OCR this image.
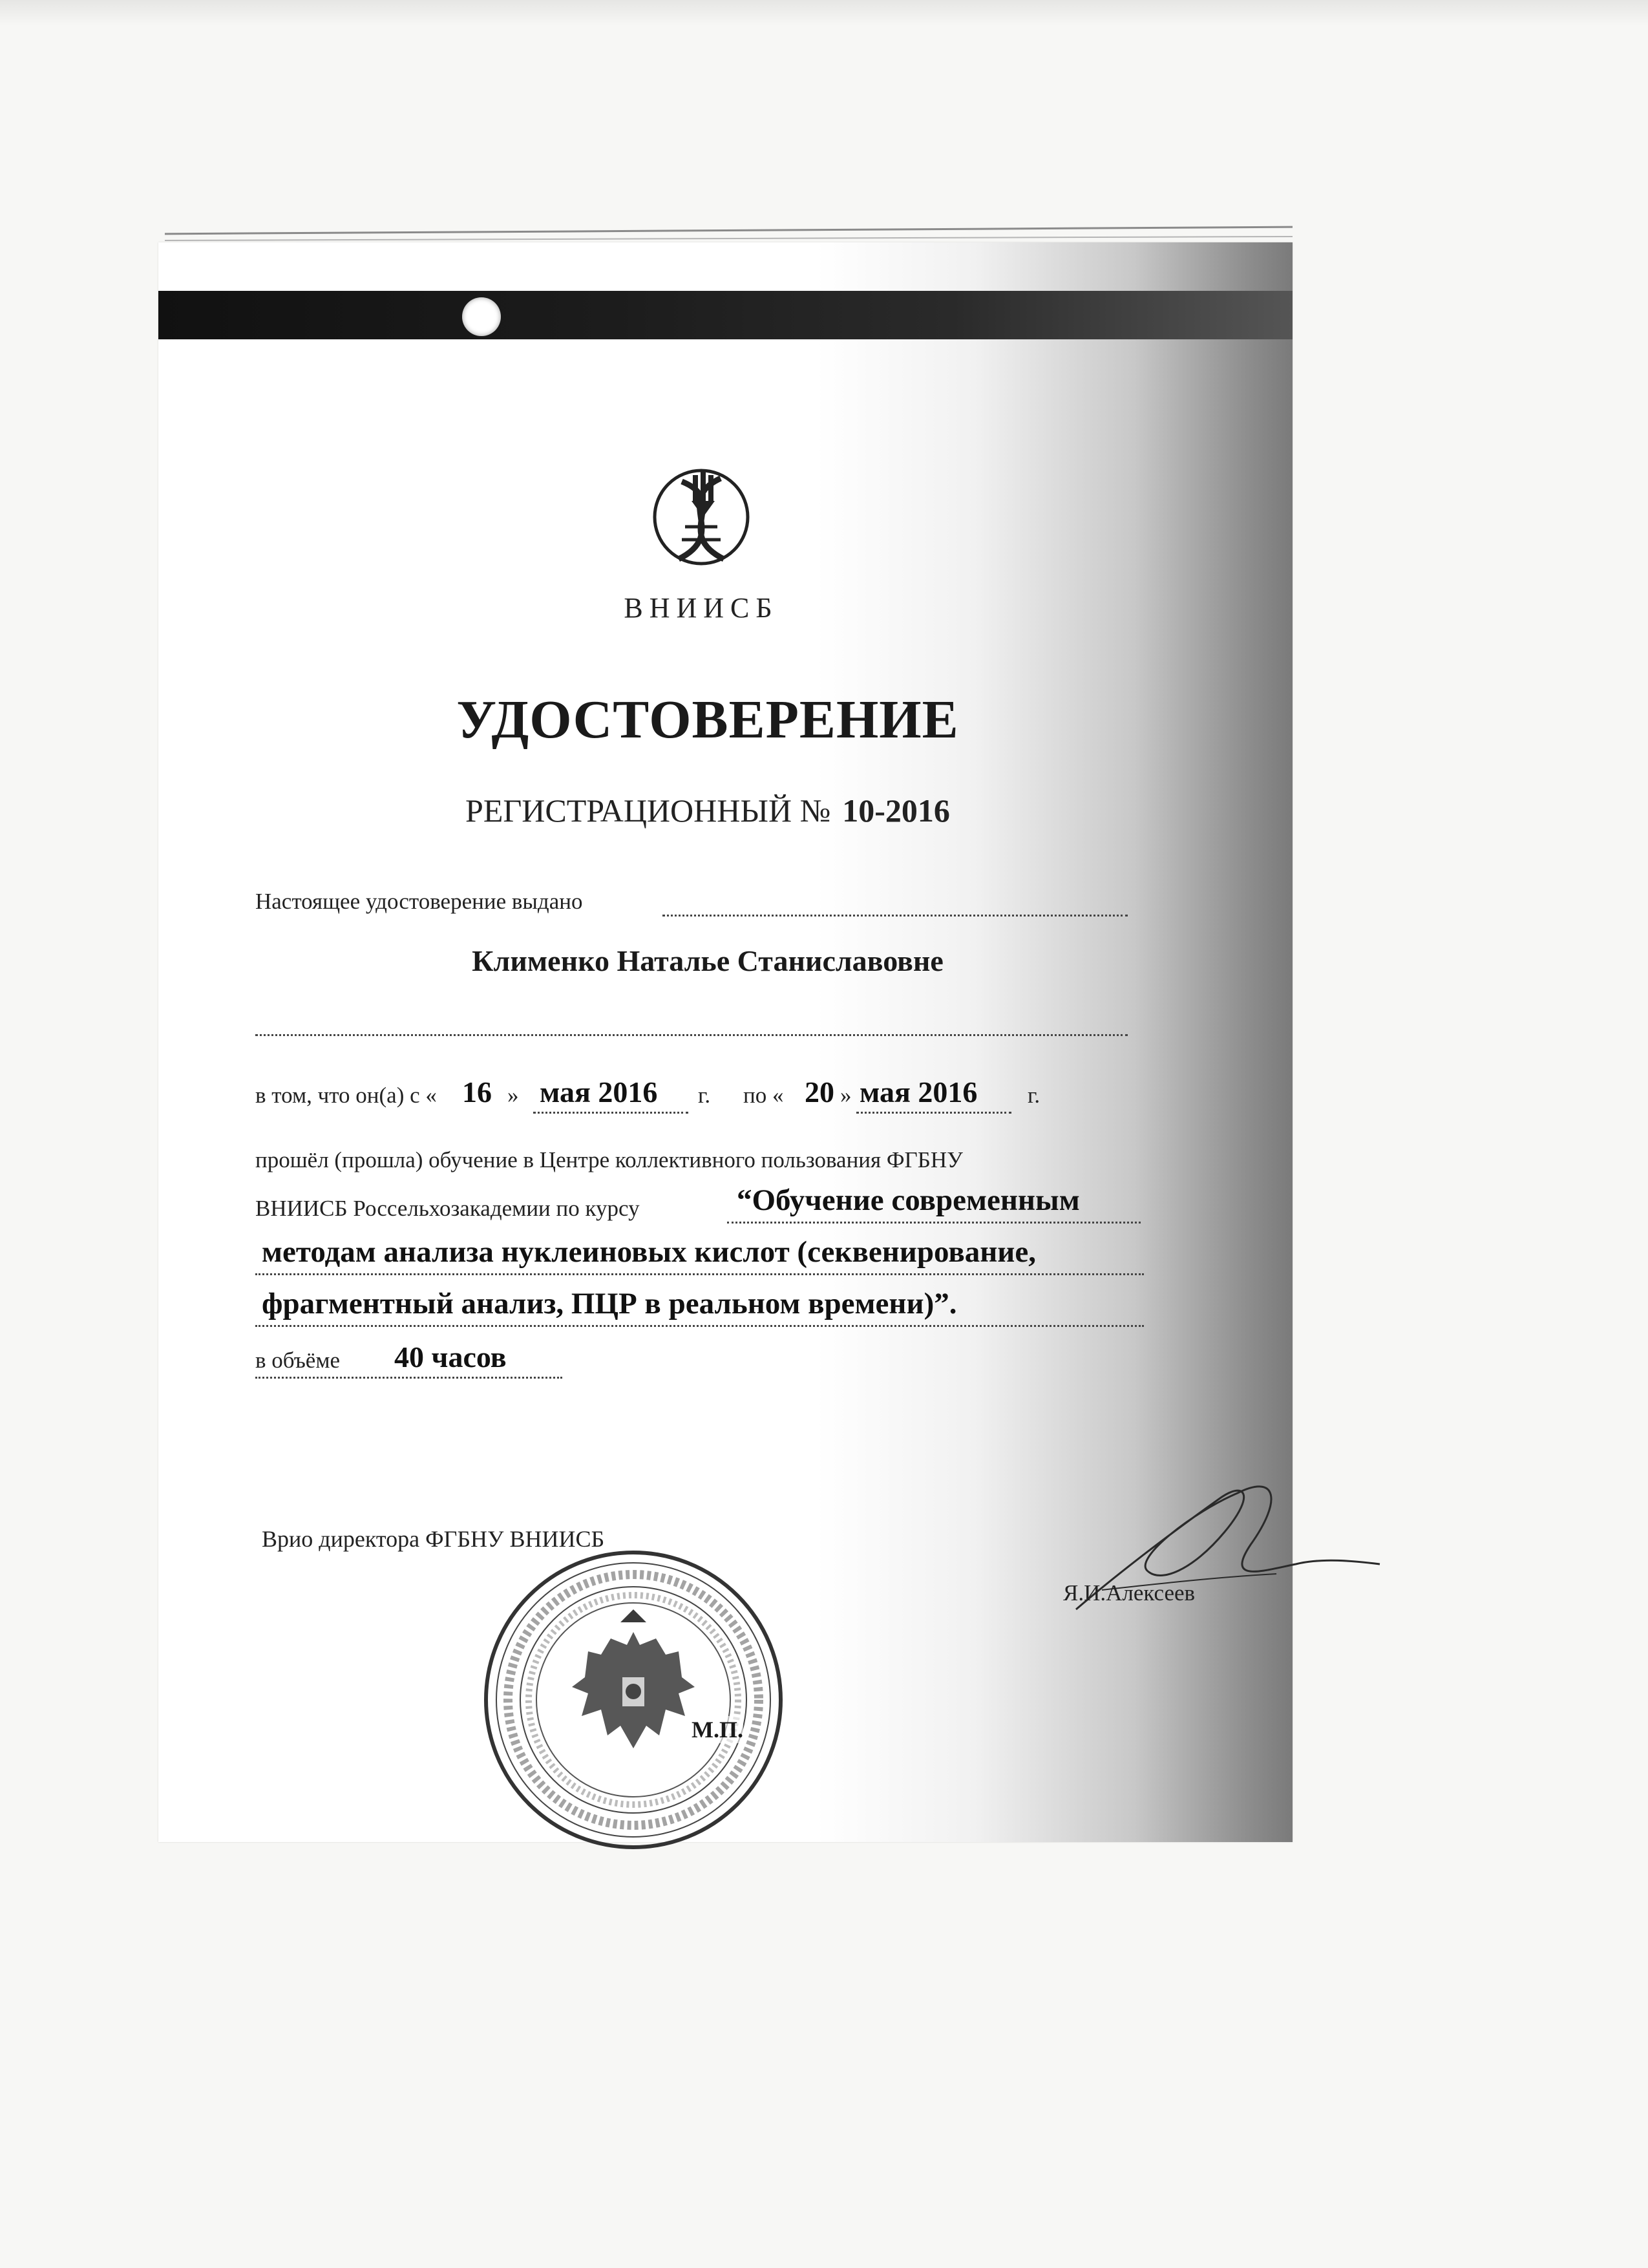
ВНИИСБ
УДОСТОВЕРЕНИЕ
РЕГИСТРАЦИОННЫЙ № 10-2016
Настоящее удостоверение выдано
Клименко Наталье Станиславовне
в том, что он(а) с « 16 » мая 2016 г. по « 20 » мая 2016 г.
прошёл (прошла) обучение в Центре коллективного пользования ФГБНУ
ВНИИСБ Россельхозакадемии по курсу	“Обучение современным
методам анализа нуклеиновых кислот (секвенирование,
фрагментный анализ, ПЦР в реальном времени)”.
в объёме 40 часов
Врио директора ФГБНУ ВНИИСБ
Я.И.Алексеев
М.П.
